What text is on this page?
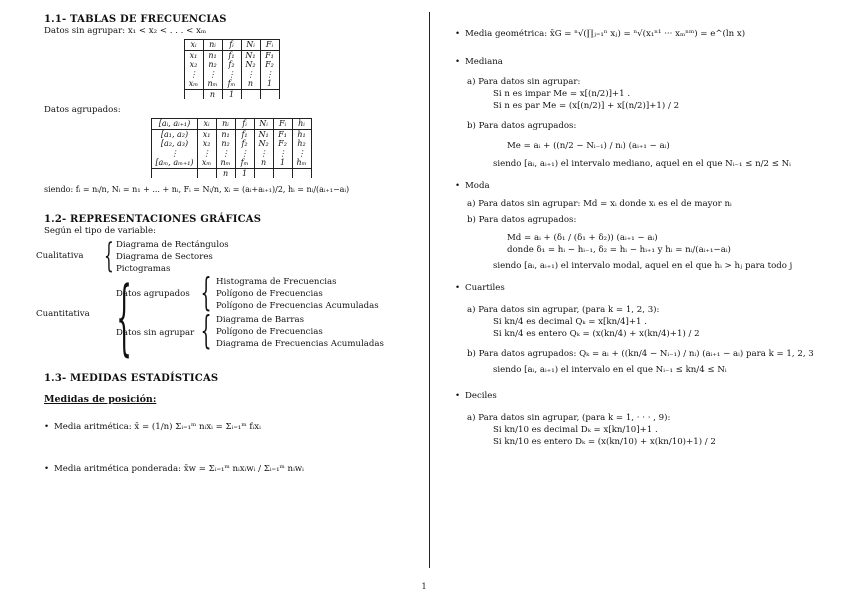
1.1- TABLAS DE FRECUENCIAS

Datos sin agrupar: x₁ < x₂ < . . . < xₘ
xᵢ	nᵢ	fᵢ	Nᵢ	Fᵢ
x₁	n₁	f₁	N₁	F₁
x₂	n₂	f₂	N₂	F₂
⋮	⋮	⋮	⋮	⋮
xₘ	nₘ	fₘ	n	1
	n	1		
Datos agrupados:
[aᵢ, aᵢ₊₁)	xᵢ	nᵢ	fᵢ	Nᵢ	Fᵢ	hᵢ
[a₁, a₂)	x₁	n₁	f₁	N₁	F₁	h₁
[a₂, a₃)	x₂	n₂	f₂	N₂	F₂	h₂
⋮	⋮	⋮	⋮	⋮	⋮	⋮
[aₘ, aₘ₊₁)	xₘ	nₘ	fₘ	n	1	hₘ
		n	1			
siendo: fᵢ = nᵢ/n, Nᵢ = n₁ + ... + nᵢ, Fᵢ = Nᵢ/n, xᵢ = (aᵢ+aᵢ₊₁)/2, hᵢ = nᵢ/(aᵢ₊₁−aᵢ)

1.2- REPRESENTACIONES GRÁFICAS

Según el tipo de variable:
Cualitativa { Diagrama de Rectángulos
Diagrama de Sectores
Pictogramas
Cuantitativa {
Datos agrupados { Histograma de Frecuencias
Polígono de Frecuencias
Polígono de Frecuencias Acumuladas
Datos sin agrupar { Diagrama de Barras
Polígono de Frecuencias
Diagrama de Frecuencias Acumuladas

1.3- MEDIDAS ESTADÍSTICAS

Medidas de posición:
• Media aritmética: x̄ = (1/n) Σᵢ₌₁ᵐ nᵢxᵢ = Σᵢ₌₁ᵐ fᵢxᵢ
• Media aritmética ponderada: x̄w = Σᵢ₌₁ᵐ nᵢxᵢwᵢ / Σᵢ₌₁ᵐ nᵢwᵢ
• Media geométrica: x̄G = ⁿ√(∏ⱼ₌₁ⁿ xⱼ) = ⁿ√(x₁ⁿ¹ ··· xₘⁿᵐ) = e^(ln x)
• Mediana
a) Para datos sin agrupar:
Si n es impar Me = x[(n/2)]+1 .
Si n es par Me = (x[(n/2)] + x[(n/2)]+1) / 2
b) Para datos agrupados:
Me = aᵢ + ((n/2 − Nᵢ₋₁) / nᵢ) (aᵢ₊₁ − aᵢ)
siendo [aᵢ, aᵢ₊₁) el intervalo mediano, aquel en el que Nᵢ₋₁ ≤ n/2 ≤ Nᵢ
• Moda
a) Para datos sin agrupar: Md = xᵢ donde xᵢ es el de mayor nᵢ
b) Para datos agrupados:
Md = aᵢ + (δ₁ / (δ₁ + δ₂)) (aᵢ₊₁ − aᵢ)
donde δ₁ = hᵢ − hᵢ₋₁, δ₂ = hᵢ − hᵢ₊₁ y hᵢ = nᵢ/(aᵢ₊₁−aᵢ)
siendo [aᵢ, aᵢ₊₁) el intervalo modal, aquel en el que hᵢ > hⱼ para todo j
• Cuartiles
a) Para datos sin agrupar, (para k = 1, 2, 3):
Si kn/4 es decimal Qₖ = x[kn/4]+1 .
Si kn/4 es entero Qₖ = (x(kn/4) + x(kn/4)+1) / 2
b) Para datos agrupados: Qₖ = aᵢ + ((kn/4 − Nᵢ₋₁) / nᵢ) (aᵢ₊₁ − aᵢ) para k = 1, 2, 3
siendo [aᵢ, aᵢ₊₁) el intervalo en el que Nᵢ₋₁ ≤ kn/4 ≤ Nᵢ
• Deciles
a) Para datos sin agrupar, (para k = 1, · · · , 9):
Si kn/10 es decimal Dₖ = x[kn/10]+1 .
Si kn/10 es entero Dₖ = (x(kn/10) + x(kn/10)+1) / 2
1
